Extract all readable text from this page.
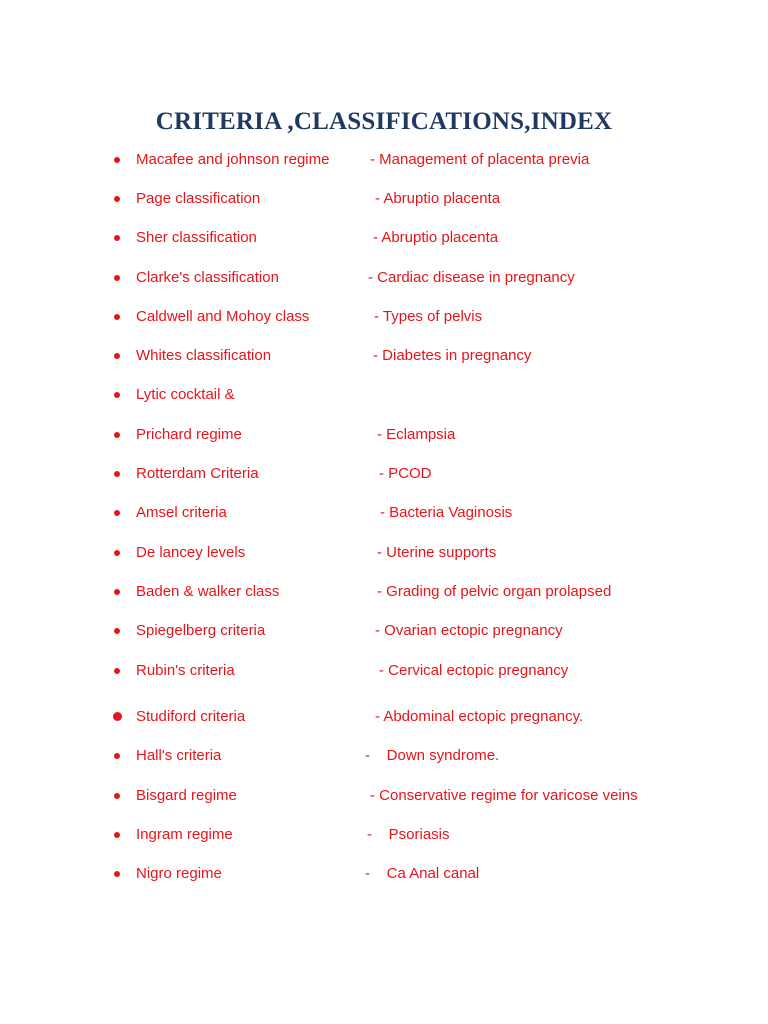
CRITERIA ,CLASSIFICATIONS,INDEX
Macafee and johnson regime	- Management of placenta previa
Page classification	- Abruptio placenta
Sher classification	- Abruptio placenta
Clarke's classification	- Cardiac disease in pregnancy
Caldwell and Mohoy class	- Types of pelvis
Whites classification	- Diabetes in pregnancy
Lytic cocktail &
Prichard regime	- Eclampsia
Rotterdam Criteria	- PCOD
Amsel criteria	- Bacteria Vaginosis
De lancey levels	- Uterine supports
Baden & walker class	- Grading of pelvic organ prolapsed
Spiegelberg criteria	- Ovarian ectopic pregnancy
Rubin's criteria	- Cervical ectopic pregnancy
Studiford criteria	- Abdominal ectopic pregnancy.
Hall's criteria	-    Down syndrome.
Bisgard regime	- Conservative regime for varicose veins
Ingram regime	-    Psoriasis
Nigro regime	-    Ca Anal canal
